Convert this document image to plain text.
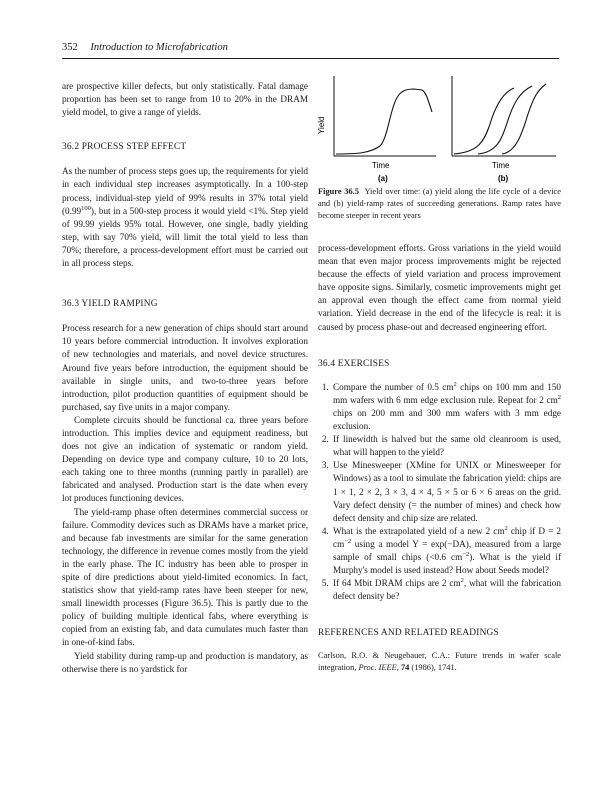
352 Introduction to Microfabrication

are prospective killer defects, but only statistically. Fatal damage proportion has been set to range from 10 to 20% in the DRAM yield model, to give a range of yields.

36.2 PROCESS STEP EFFECT

As the number of process steps goes up, the requirements for yield in each individual step increases asymptotically. In a 100-step process, individual-step yield of 99% results in 37% total yield (0.99$^{100}$), but in a 500-step process it would yield <1%. Step yield of 99.99 yields 95% total. However, one single, badly yielding step, with say 70% yield, will limit the total yield to less than 70%; therefore, a process-development effort must be carried out in all process steps.

36.3 YIELD RAMPING

Process research for a new generation of chips should start around 10 years before commercial introduction. It involves exploration of new technologies and materials, and novel device structures. Around five years before introduction, the equipment should be available in single units, and two-to-three years before introduction, pilot production quantities of equipment should be purchased, say five units in a major company.

Complete circuits should be functional ca. three years before introduction. This implies device and equipment readiness, but does not give an indication of systematic or random yield. Depending on device type and company culture, 10 to 20 lots, each taking one to three months (running partly in parallel) are fabricated and analysed. Production start is the date when every lot produces functioning devices.

The yield-ramp phase often determines commercial success or failure. Commodity devices such as DRAMs have a market price, and because fab investments are similar for the same generation technology, the difference in revenue comes mostly from the yield in the early phase. The IC industry has been able to prosper in spite of dire predictions about yield-limited economics. In fact, statistics show that yield-ramp rates have been steeper for new, small linewidth processes (Figure 36.5). This is partly due to the policy of building multiple identical fabs, where everything is copied from an existing fab, and data cumulates much faster than in one-of-kind fabs.

Yield stability during ramp-up and production is mandatory, as otherwise there is no yardstick for

Yield
Time
(a)
Time
(b)
Figure 36.5 Yield over time: (a) yield along the life cycle of a device and (b) yield-ramp rates of succeeding generations. Ramp rates have become steeper in recent years

process-development efforts. Gross variations in the yield would mean that even major process improvements might be rejected because the effects of yield variation and process improvement have opposite signs. Similarly, cosmetic improvements might get an approval even though the effect came from normal yield variation. Yield decrease in the end of the lifecycle is real: it is caused by process phase-out and decreased engineering effort.

36.4 EXERCISES
1. Compare the number of 0.5 $cm^2$ chips on 100 mm and 150 mm wafers with 6 mm edge exclusion rule. Repeat for 2 $cm^2$ chips on 200 mm and 300 mm wafers with 3 mm edge exclusion.
2. If linewidth is halved but the same old cleanroom is used, what will happen to the yield?
3. Use Minesweeper (XMine for UNIX or Minesweeper for Windows) as a tool to simulate the fabrication yield: chips are 1 × 1, 2 × 2, 3 × 3, 4 × 4, 5 × 5 or 6 × 6 areas on the grid. Vary defect density (= the number of mines) and check how defect density and chip size are related.
4. What is the extrapolated yield of a new 2 $cm^2$ chip if D = 2 $cm^{-2}$ using a model Y = exp(−DA), measured from a large sample of small chips (<0.6 $cm^{-2}$). What is the yield if Murphy's model is used instead? How about Seeds model?
5. If 64 Mbit DRAM chips are 2 $cm^2$, what will the fabrication defect density be?
REFERENCES AND RELATED READINGS
Carlson, R.O. & Neugebauer, C.A.: Future trends in wafer scale integration, Proc. IEEE, 74 (1986), 1741.
